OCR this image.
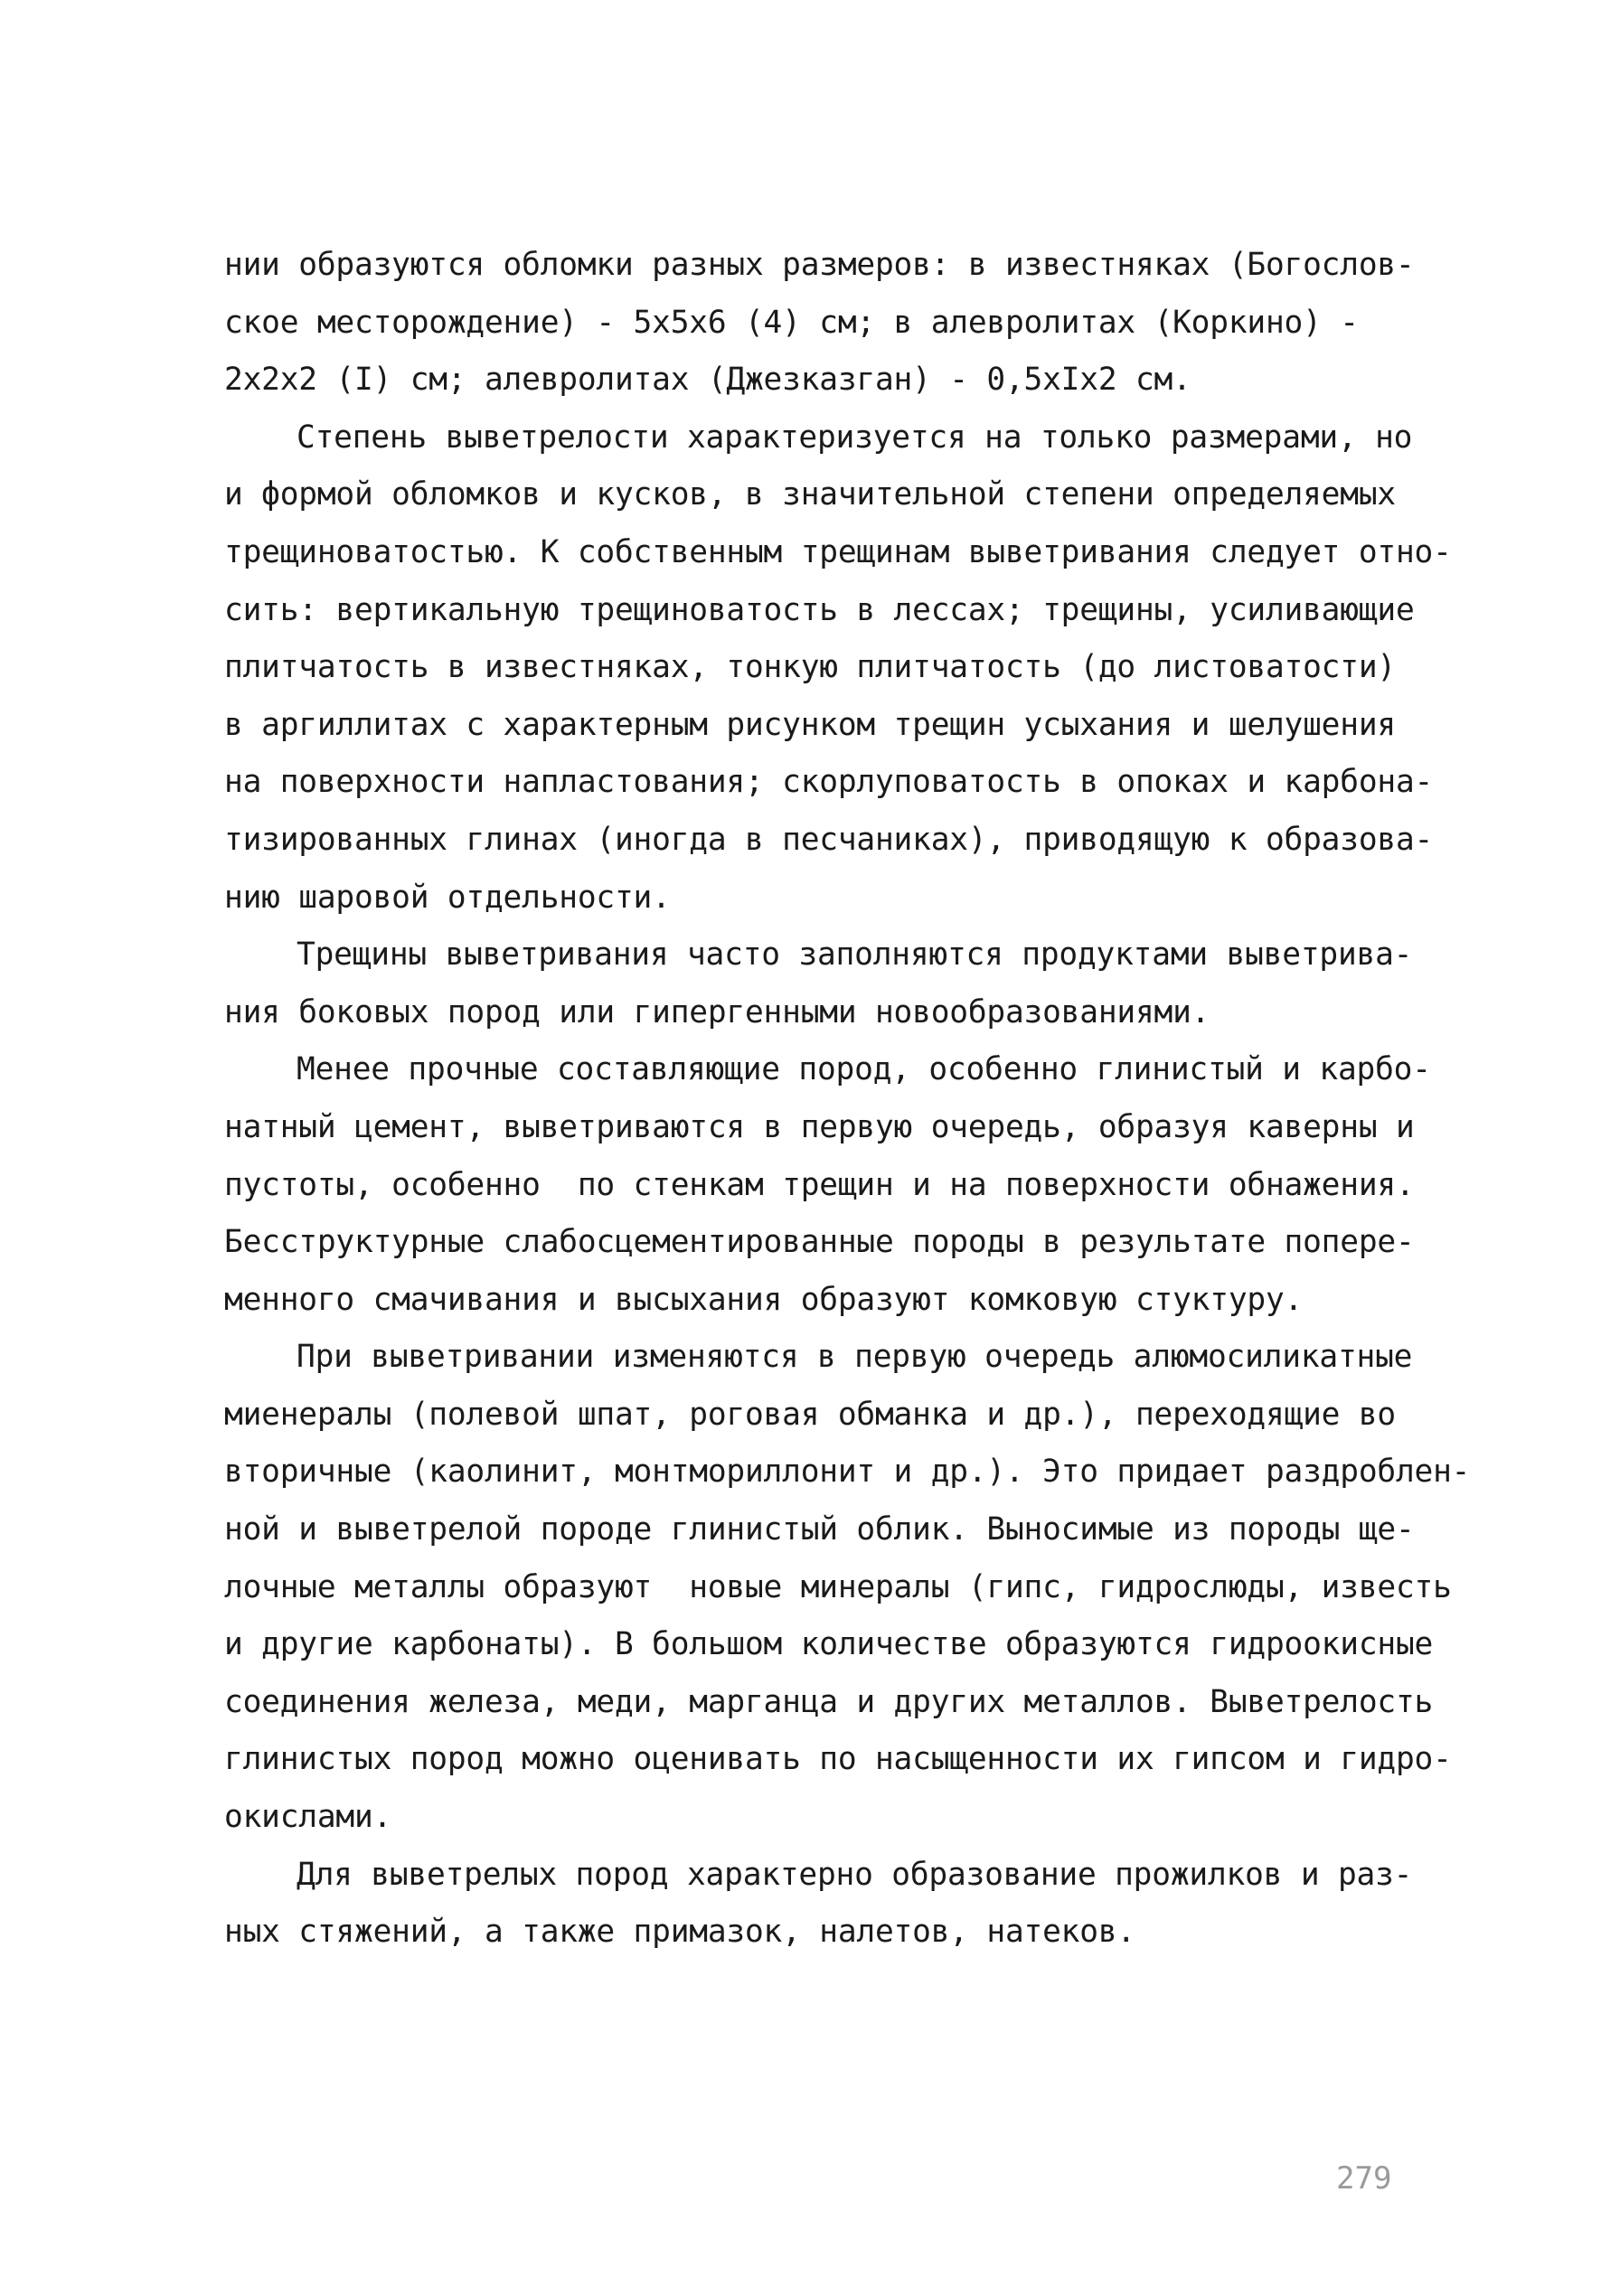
нии образуются обломки разных размеров: в известняках (Богослов-
ское месторождение) - 5х5х6 (4) см; в алевролитах (Коркино) -
2х2х2 (I) см; алевролитах (Джезказган) - 0,5хIх2 см.
Степень выветрелости характеризуется на только размерами, но
и формой обломков и кусков, в значительной степени определяемых
трещиноватостью. К собственным трещинам выветривания следует отно-
сить: вертикальную трещиноватость в лессах; трещины, усиливающие
плитчатость в известняках, тонкую плитчатость (до листоватости)
в аргиллитах с характерным рисунком трещин усыхания и шелушения
на поверхности напластования; скорлуповатость в опоках и карбона-
тизированных глинах (иногда в песчаниках), приводящую к образова-
нию шаровой отдельности.
Трещины выветривания часто заполняются продуктами выветрива-
ния боковых пород или гипергенными новообразованиями.
Менее прочные составляющие пород, особенно глинистый и карбо-
натный цемент, выветриваются в первую очередь, образуя каверны и
пустоты, особенно  по стенкам трещин и на поверхности обнажения.
Бесструктурные слабосцементированные породы в результате попере-
менного смачивания и высыхания образуют комковую стуктуру.
При выветривании изменяются в первую очередь алюмосиликатные
миенералы (полевой шпат, роговая обманка и др.), переходящие во
вторичные (каолинит, монтмориллонит и др.). Это придает раздроблен-
ной и выветрелой породе глинистый облик. Выносимые из породы ще-
лочные металлы образуют  новые минералы (гипс, гидрослюды, известь
и другие карбонаты). В большом количестве образуются гидроокисные
соединения железа, меди, марганца и других металлов. Выветрелость
глинистых пород можно оценивать по насыщенности их гипсом и гидро-
окислами.
Для выветрелых пород характерно образование прожилков и раз-
ных стяжений, а также примазок, налетов, натеков.
279
